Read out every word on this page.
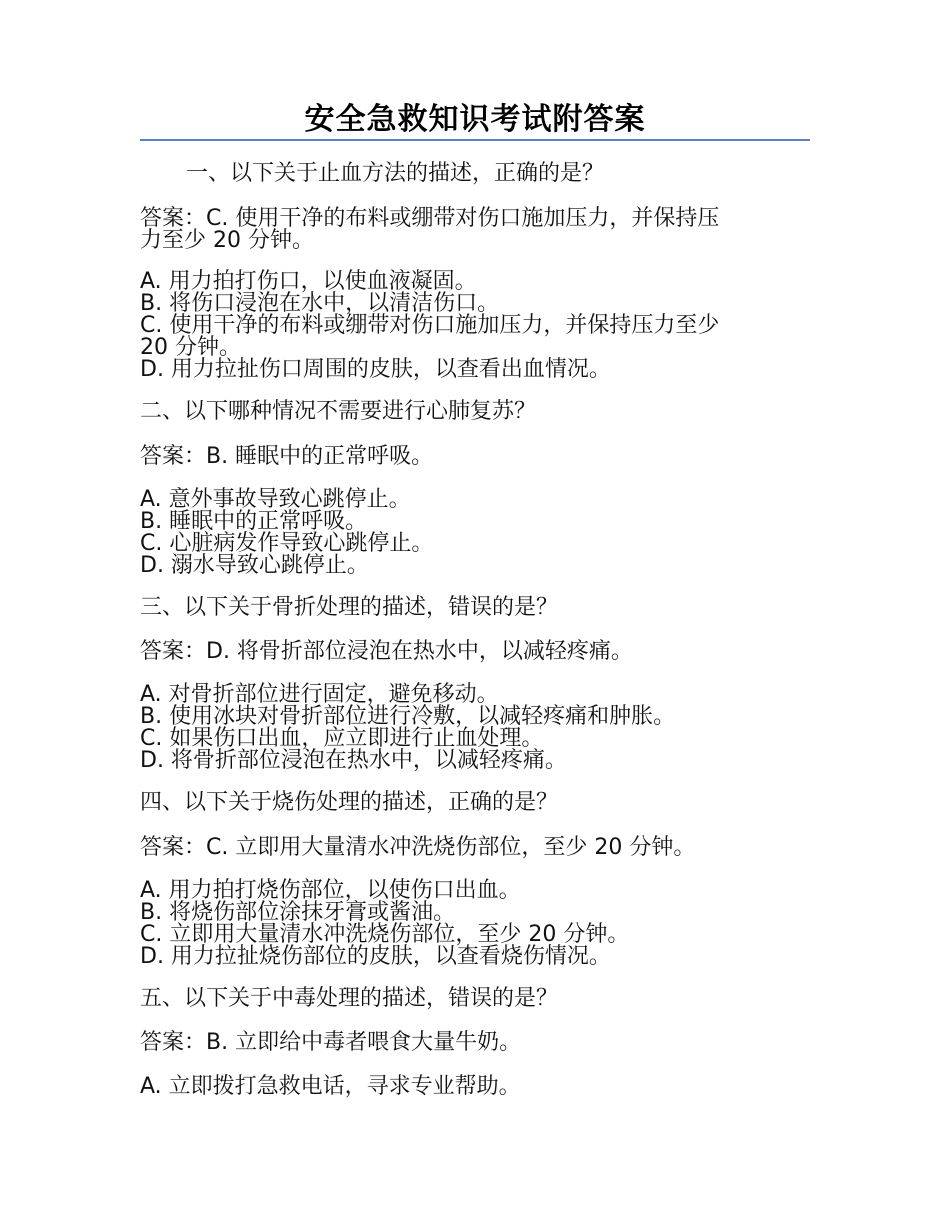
安全急救知识考试附答案
一、以下关于止血方法的描述，正确的是？
答案：C. 使用干净的布料或绷带对伤口施加压力，并保持压
力至少 20 分钟。
A. 用力拍打伤口，以使血液凝固。
B. 将伤口浸泡在水中，以清洁伤口。
C. 使用干净的布料或绷带对伤口施加压力，并保持压力至少
20 分钟。
D. 用力拉扯伤口周围的皮肤，以查看出血情况。
二、以下哪种情况不需要进行心肺复苏？
答案：B. 睡眠中的正常呼吸。
A. 意外事故导致心跳停止。
B. 睡眠中的正常呼吸。
C. 心脏病发作导致心跳停止。
D. 溺水导致心跳停止。
三、以下关于骨折处理的描述，错误的是？
答案：D. 将骨折部位浸泡在热水中，以减轻疼痛。
A. 对骨折部位进行固定，避免移动。
B. 使用冰块对骨折部位进行冷敷，以减轻疼痛和肿胀。
C. 如果伤口出血，应立即进行止血处理。
D. 将骨折部位浸泡在热水中，以减轻疼痛。
四、以下关于烧伤处理的描述，正确的是？
答案：C. 立即用大量清水冲洗烧伤部位，至少 20 分钟。
A. 用力拍打烧伤部位，以使伤口出血。
B. 将烧伤部位涂抹牙膏或酱油。
C. 立即用大量清水冲洗烧伤部位，至少 20 分钟。
D. 用力拉扯烧伤部位的皮肤，以查看烧伤情况。
五、以下关于中毒处理的描述，错误的是？
答案：B. 立即给中毒者喂食大量牛奶。
A. 立即拨打急救电话，寻求专业帮助。
